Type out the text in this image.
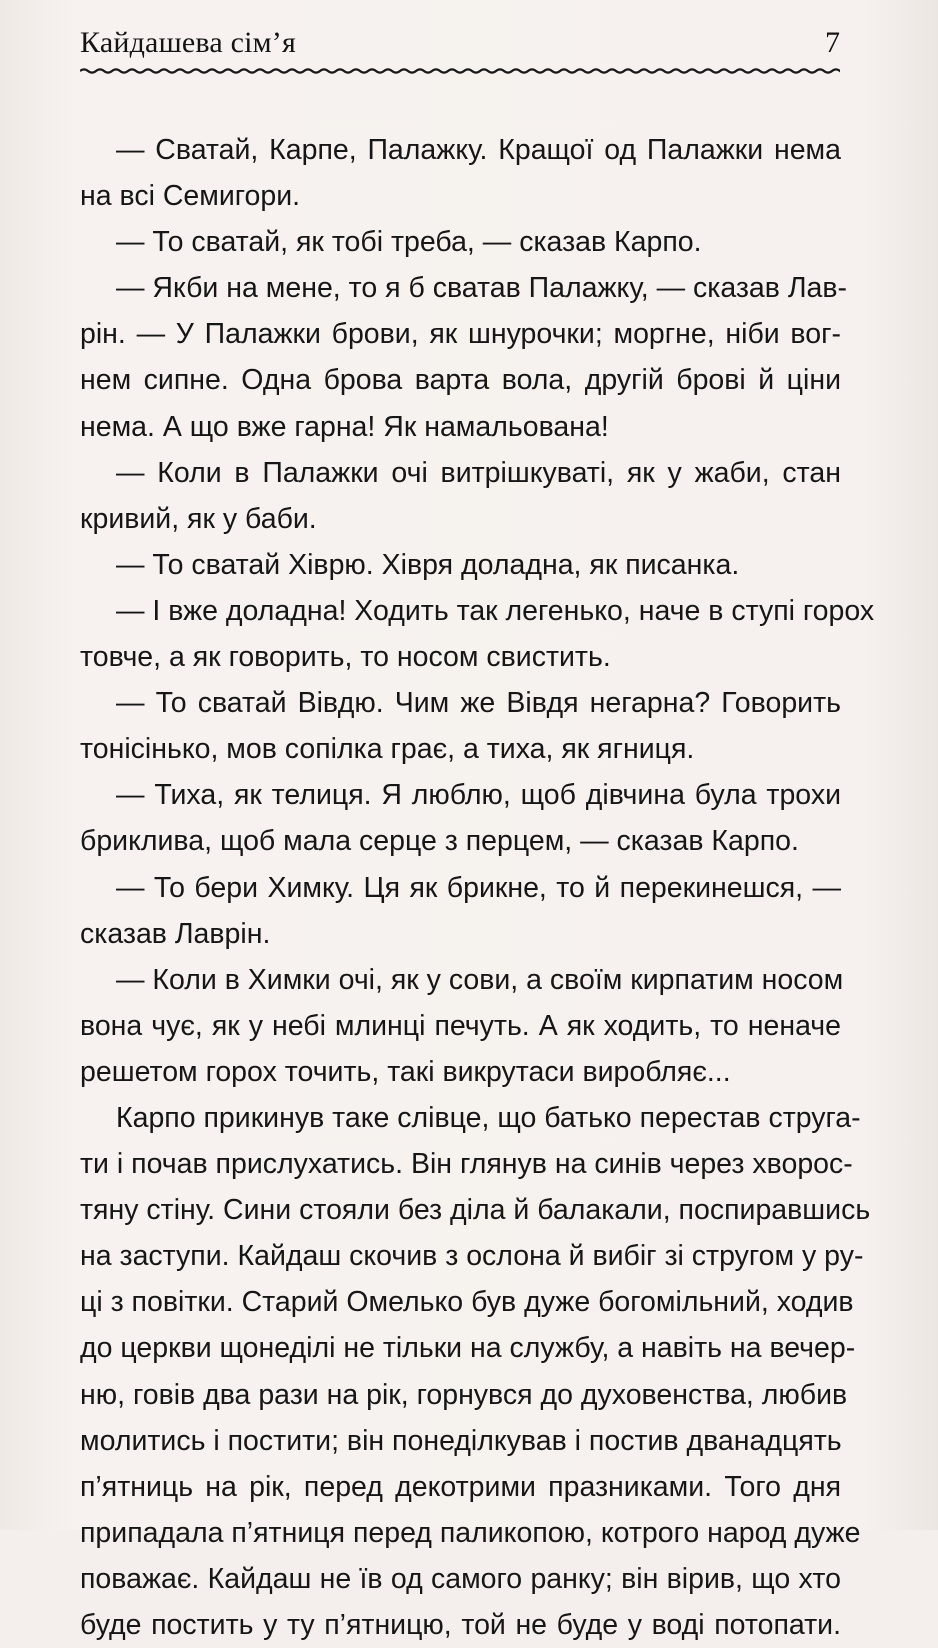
Кайдашева сім’я	7
— Сватай, Карпе, Палажку. Кращої од Палажки нема
на всі Семигори.
— То сватай, як тобі треба, — сказав Карпо.
— Якби на мене, то я б сватав Палажку, — сказав Лав-
рін. — У Палажки брови, як шнурочки; моргне, ніби вог-
нем сипне. Одна брова варта вола, другій брові й ціни
нема. А що вже гарна! Як намальована!
— Коли в Палажки очі витрішкуваті, як у жаби, стан
кривий, як у баби.
— То сватай Хіврю. Хівря доладна, як писанка.
— І вже доладна! Ходить так легенько, наче в ступі горох
товче, а як говорить, то носом свистить.
— То сватай Вівдю. Чим же Вівдя негарна? Говорить
тонісінько, мов сопілка грає, а тиха, як ягниця.
— Тиха, як телиця. Я люблю, щоб дівчина була трохи
бриклива, щоб мала серце з перцем, — сказав Карпо.
— То бери Химку. Ця як брикне, то й перекинешся, —
сказав Лаврін.
— Коли в Химки очі, як у сови, а своїм кирпатим носом
вона чує, як у небі млинці печуть. А як ходить, то неначе
решетом горох точить, такі викрутаси виробляє...
Карпо прикинув таке слівце, що батько перестав струга-
ти і почав прислухатись. Він глянув на синів через хворос-
тяну стіну. Сини стояли без діла й балакали, поспиравшись
на заступи. Кайдаш скочив з ослона й вибіг зі стругом у ру-
ці з повітки. Старий Омелько був дуже богомільний, ходив
до церкви щонеділі не тільки на службу, а навіть на вечер-
ню, говів два рази на рік, горнувся до духовенства, любив
молитись і постити; він понеділкував і постив дванадцять
п’ятниць на рік, перед декотрими празниками. Того дня
припадала п’ятниця перед паликопою, котрого народ дуже
поважає. Кайдаш не їв од самого ранку; він вірив, що хто
буде постить у ту п’ятницю, той не буде у воді потопати.
